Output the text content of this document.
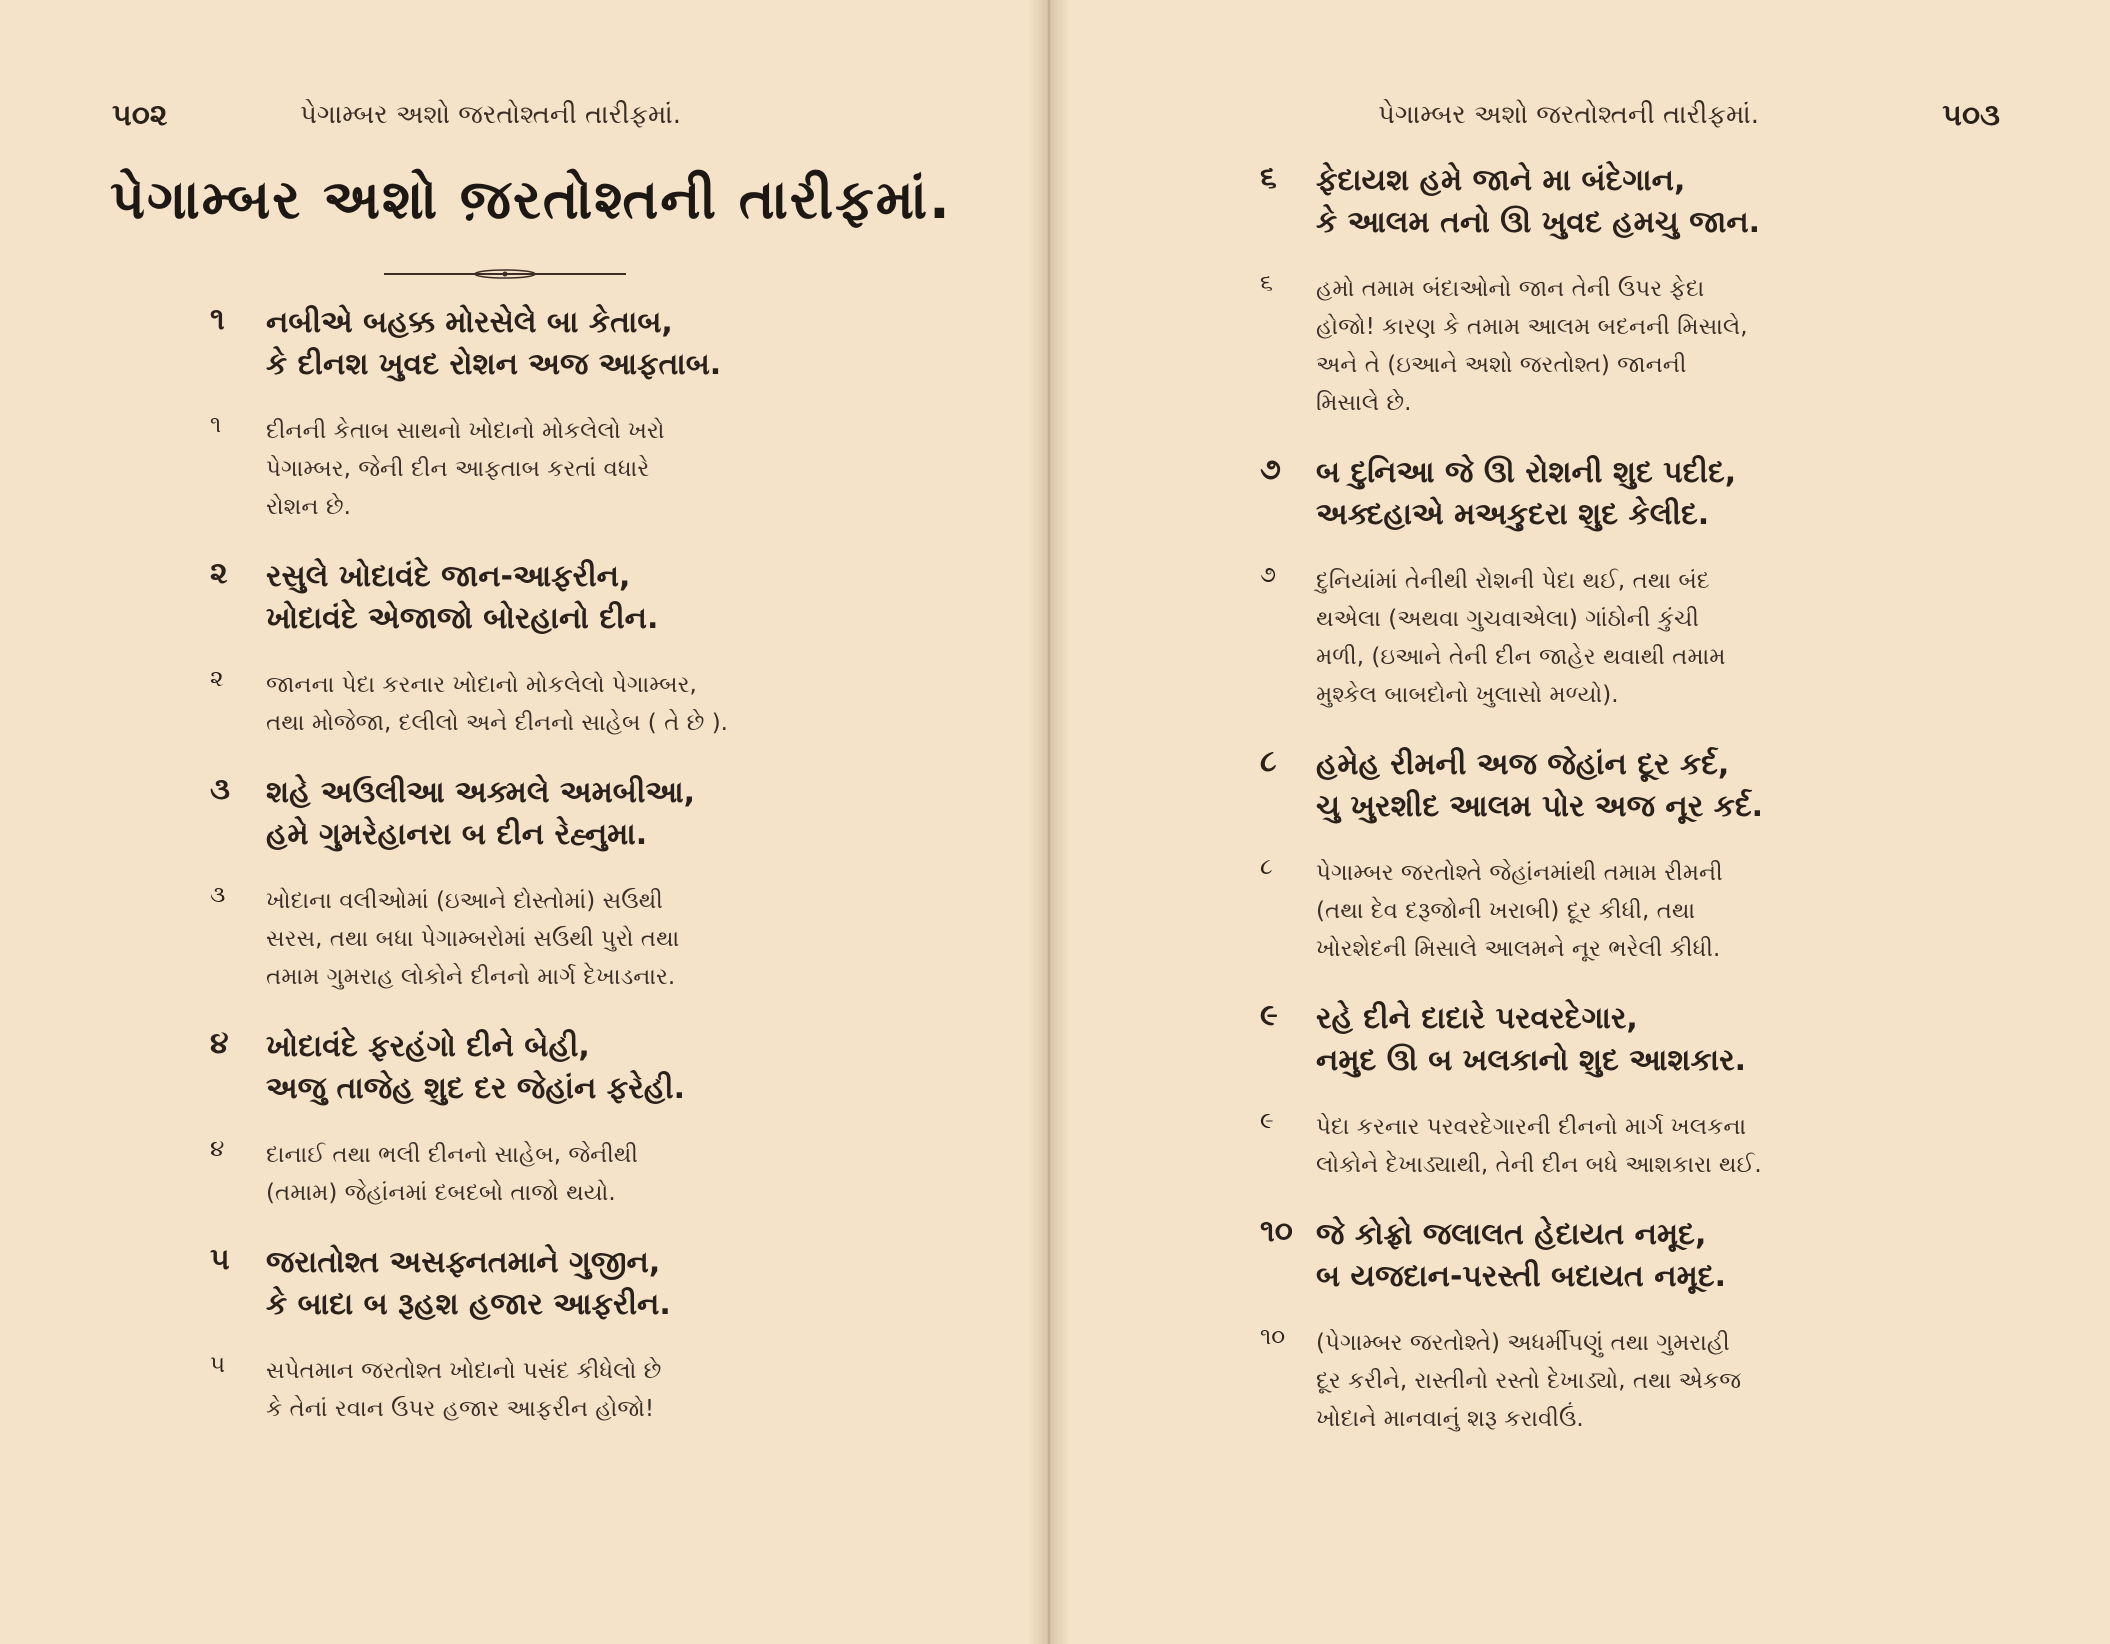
૫૦૨	પેગામ્બર અશો જરતોશ્તની તારીફમાં.
પેગામ્બર અશો જ઼રતોશ્તની તારીફમાં.
૧	નબીએ બહક્ક મોરસેલે બા કેતાબ,
કે દીનશ ખુવદ રોશન અજ આફતાબ.
૧	દીનની કેતાબ સાથનો ખોદાનો મોકલેલો ખરો
પેગામ્બર, જેની દીન આફતાબ કરતાં વધારે
રોશન છે.
૨	રસુલે ખોદાવંદે જાન-આફરીન,
ખોદાવંદે એજાજો બોરહાનો દીન.
૨	જાનના પેદા કરનાર ખોદાનો મોકલેલો પેગામ્બર,
તથા મોજેજા, દલીલો અને દીનનો સાહેબ ( તે છે ).
૩	શહે અઉલીઆ અક્મલે અમબીઆ,
હમે ગુમરેહાનરા બ દીન રેહ્નુમા.
૩	ખોદાના વલીઓમાં (ઇઆને દોસ્તોમાં) સઉથી
સરસ, તથા બધા પેગામ્બરોમાં સઉથી પુરો તથા
તમામ ગુમરાહ લોકોને દીનનો માર્ગ દેખાડનાર.
૪	ખોદાવંદે ફરહંગો દીને બેહી,
અજુ તાજેહ શુદ દર જેહાંન ફરેહી.
૪	દાનાઈ તથા ભલી દીનનો સાહેબ, જેનીથી
(તમામ) જેહાંનમાં દબદબો તાજો થયો.
૫	જરાતોશ્ત અસફ્નતમાને ગુજીન,
કે બાદા બ રૂહશ હજાર આફરીન.
૫	સપેતમાન જરતોશ્ત ખોદાનો પસંદ કીધેલો છે
કે તેનાં રવાન ઉપર હજાર આફરીન હોજો!
૫૦૩
પેગામ્બર અશો જરતોશ્તની તારીફમાં.
૬	ફેદાયશ હમે જાને મા બંદેગાન,
કે આલમ તનો ઊ ખુવદ હમચુ જાન.
૬	હમો તમામ બંદાઓનો જાન તેની ઉપર ફેદા
હોજો! કારણ કે તમામ આલમ બદનની મિસાલે,
અને તે (ઇઆને અશો જરતોશ્ત) જાનની
મિસાલે છે.
૭	બ દુનિઆ જે ઊ રોશની શુદ પદીદ,
અક્દહાએ મઅકુદરા શુદ કેલીદ.
૭	દુનિયાંમાં તેનીથી રોશની પેદા થઈ, તથા બંદ
થએલા (અથવા ગુચવાએલા) ગાંઠોની કુંચી
મળી, (ઇઆને તેની દીન જાહેર થવાથી તમામ
મુશ્કેલ બાબદોનો ખુલાસો મળ્યો).
૮	હમેહ રીમની અજ જેહાંન દૂર કર્દ,
ચુ ખુરશીદ આલમ પોર અજ નૂર કર્દ.
૮	પેગામ્બર જરતોશ્તે જેહાંનમાંથી તમામ રીમની
(તથા દેવ દરૂજોની ખરાબી) દૂર કીધી, તથા
ખોરશેદની મિસાલે આલમને નૂર ભરેલી કીધી.
૯	રહે દીને દાદારે પરવરદેગાર,
નમુદ ઊ બ ખલકાનો શુદ આશકાર.
૯	પેદા કરનાર પરવરદેગારની દીનનો માર્ગ ખલકના
લોકોને દેખાડ્યાથી, તેની દીન બધે આશકારા થઈ.
૧૦ જે કોફ્રો જલાલત હેદાયત નમૂદ,
બ યજદાન-પરસ્તી બદાયત નમૂદ.
૧૦	(પેગામ્બર જરતોશ્તે) અધર્મીપણું તથા ગુમરાહી
દૂર કરીને, રાસ્તીનો રસ્તો દેખાડ્યો, તથા એકજ
ખોદાને માનવાનું શરૂ કરાવીઉં.
